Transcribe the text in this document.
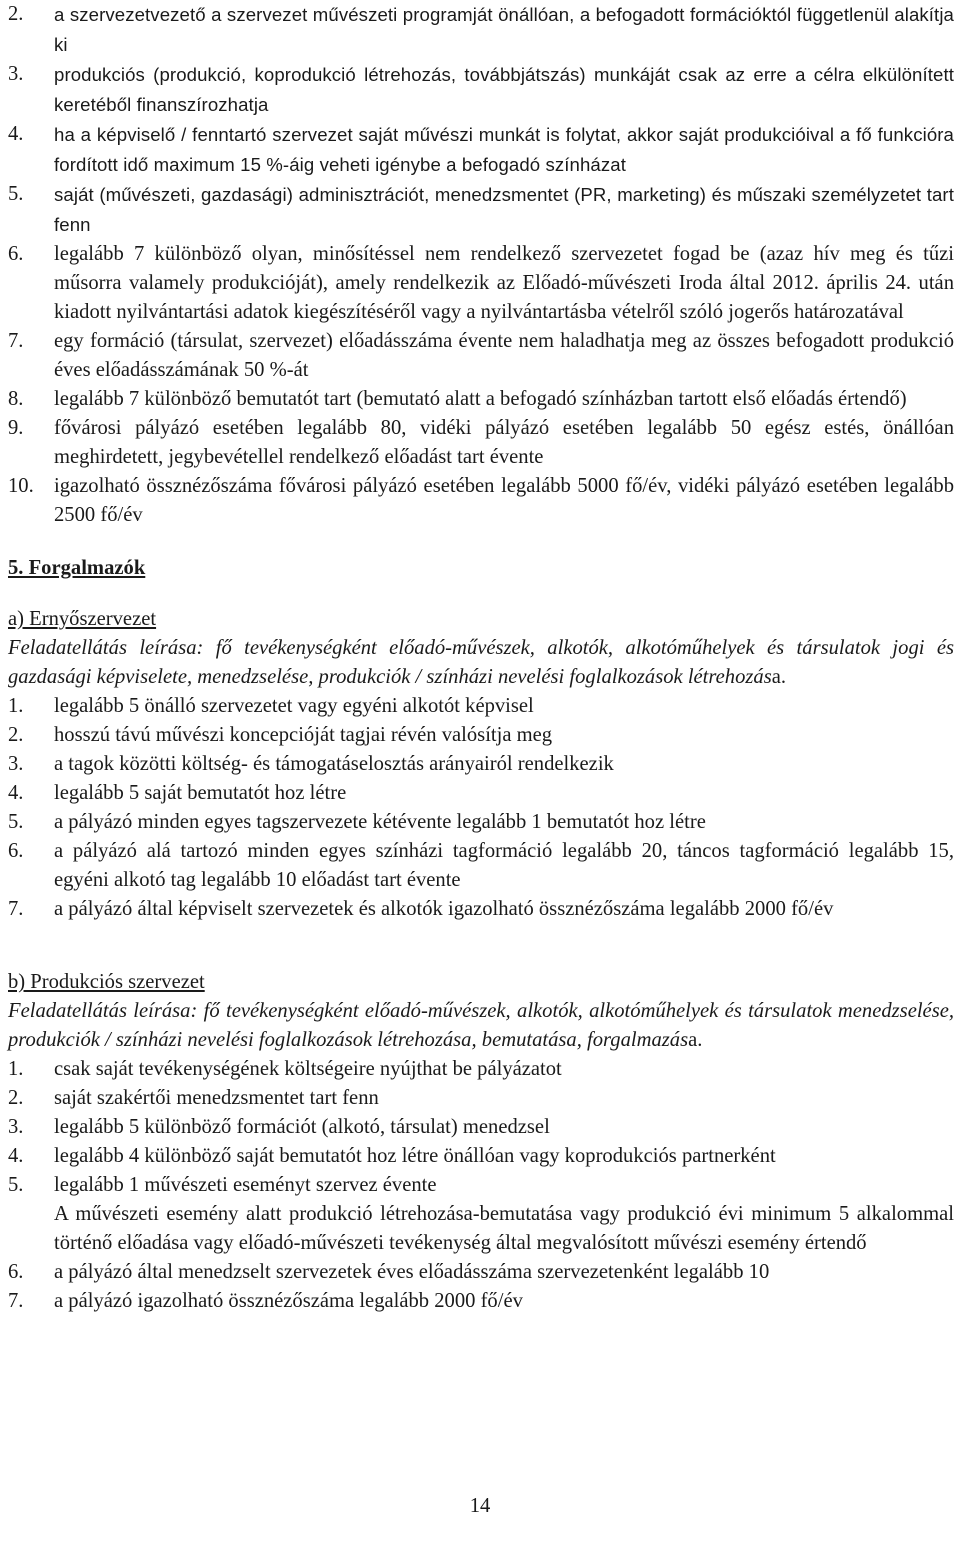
2. a szervezetvezető a szervezet művészeti programját önállóan, a befogadott formációktól függetlenül alakítja ki
3. produkciós (produkció, koprodukció létrehozás, továbbjátszás) munkáját csak az erre a célra elkülönített keretéből finanszírozhatja
4. ha a képviselő / fenntartó szervezet saját művészi munkát is folytat, akkor saját produkcióival a fő funkcióra fordított idő maximum 15 %-áig veheti igénybe a befogadó színházat
5. saját (művészeti, gazdasági) adminisztrációt, menedzsmentet (PR, marketing) és műszaki személyzetet tart fenn
6. legalább 7 különböző olyan, minősítéssel nem rendelkező szervezetet fogad be (azaz hív meg és tűzi műsorra valamely produkcióját), amely rendelkezik az Előadó-művészeti Iroda által 2012. április 24. után kiadott nyilvántartási adatok kiegészítéséről vagy a nyilvántartásba vételről szóló jogerős határozatával
7. egy formáció (társulat, szervezet) előadásszáma évente nem haladhatja meg az összes befogadott produkció éves előadásszámának 50 %-át
8. legalább 7 különböző bemutatót tart (bemutató alatt a befogadó színházban tartott első előadás értendő)
9. fővárosi pályázó esetében legalább 80, vidéki pályázó esetében legalább 50 egész estés, önállóan meghirdetett, jegybevétellel rendelkező előadást tart évente
10. igazolható össznézőszáma fővárosi pályázó esetében legalább 5000 fő/év, vidéki pályázó esetében legalább 2500 fő/év
5. Forgalmazók
a) Ernyőszervezet
Feladatellátás leírása: fő tevékenységként előadó-művészek, alkotók, alkotóműhelyek és társulatok jogi és gazdasági képviselete, menedzselése, produkciók / színházi nevelési foglalkozások létrehozása.
1. legalább 5 önálló szervezetet vagy egyéni alkotót képvisel
2. hosszú távú művészi koncepcióját tagjai révén valósítja meg
3. a tagok közötti költség- és támogatáselosztás arányairól rendelkezik
4. legalább 5 saját bemutatót hoz létre
5. a pályázó minden egyes tagszervezete kétévente legalább 1 bemutatót hoz létre
6. a pályázó alá tartozó minden egyes színházi tagformáció legalább 20, táncos tagformáció legalább 15, egyéni alkotó tag legalább 10 előadást tart évente
7. a pályázó által képviselt szervezetek és alkotók igazolható össznézőszáma legalább 2000 fő/év
b) Produkciós szervezet
Feladatellátás leírása: fő tevékenységként előadó-művészek, alkotók, alkotóműhelyek és társulatok menedzselése, produkciók / színházi nevelési foglalkozások létrehozása, bemutatása, forgalmazása.
1. csak saját tevékenységének költségeire nyújthat be pályázatot
2. saját szakértői menedzsmentet tart fenn
3. legalább 5 különböző formációt (alkotó, társulat) menedzsel
4. legalább 4 különböző saját bemutatót hoz létre önállóan vagy koprodukciós partnerként
5. legalább 1 művészeti eseményt szervez évente
A művészeti esemény alatt produkció létrehozása-bemutatása vagy produkció évi minimum 5 alkalommal történő előadása vagy előadó-művészeti tevékenység által megvalósított művészi esemény értendő
6. a pályázó által menedzselt szervezetek éves előadásszáma szervezetenként legalább 10
7. a pályázó igazolható össznézőszáma legalább 2000 fő/év
14
